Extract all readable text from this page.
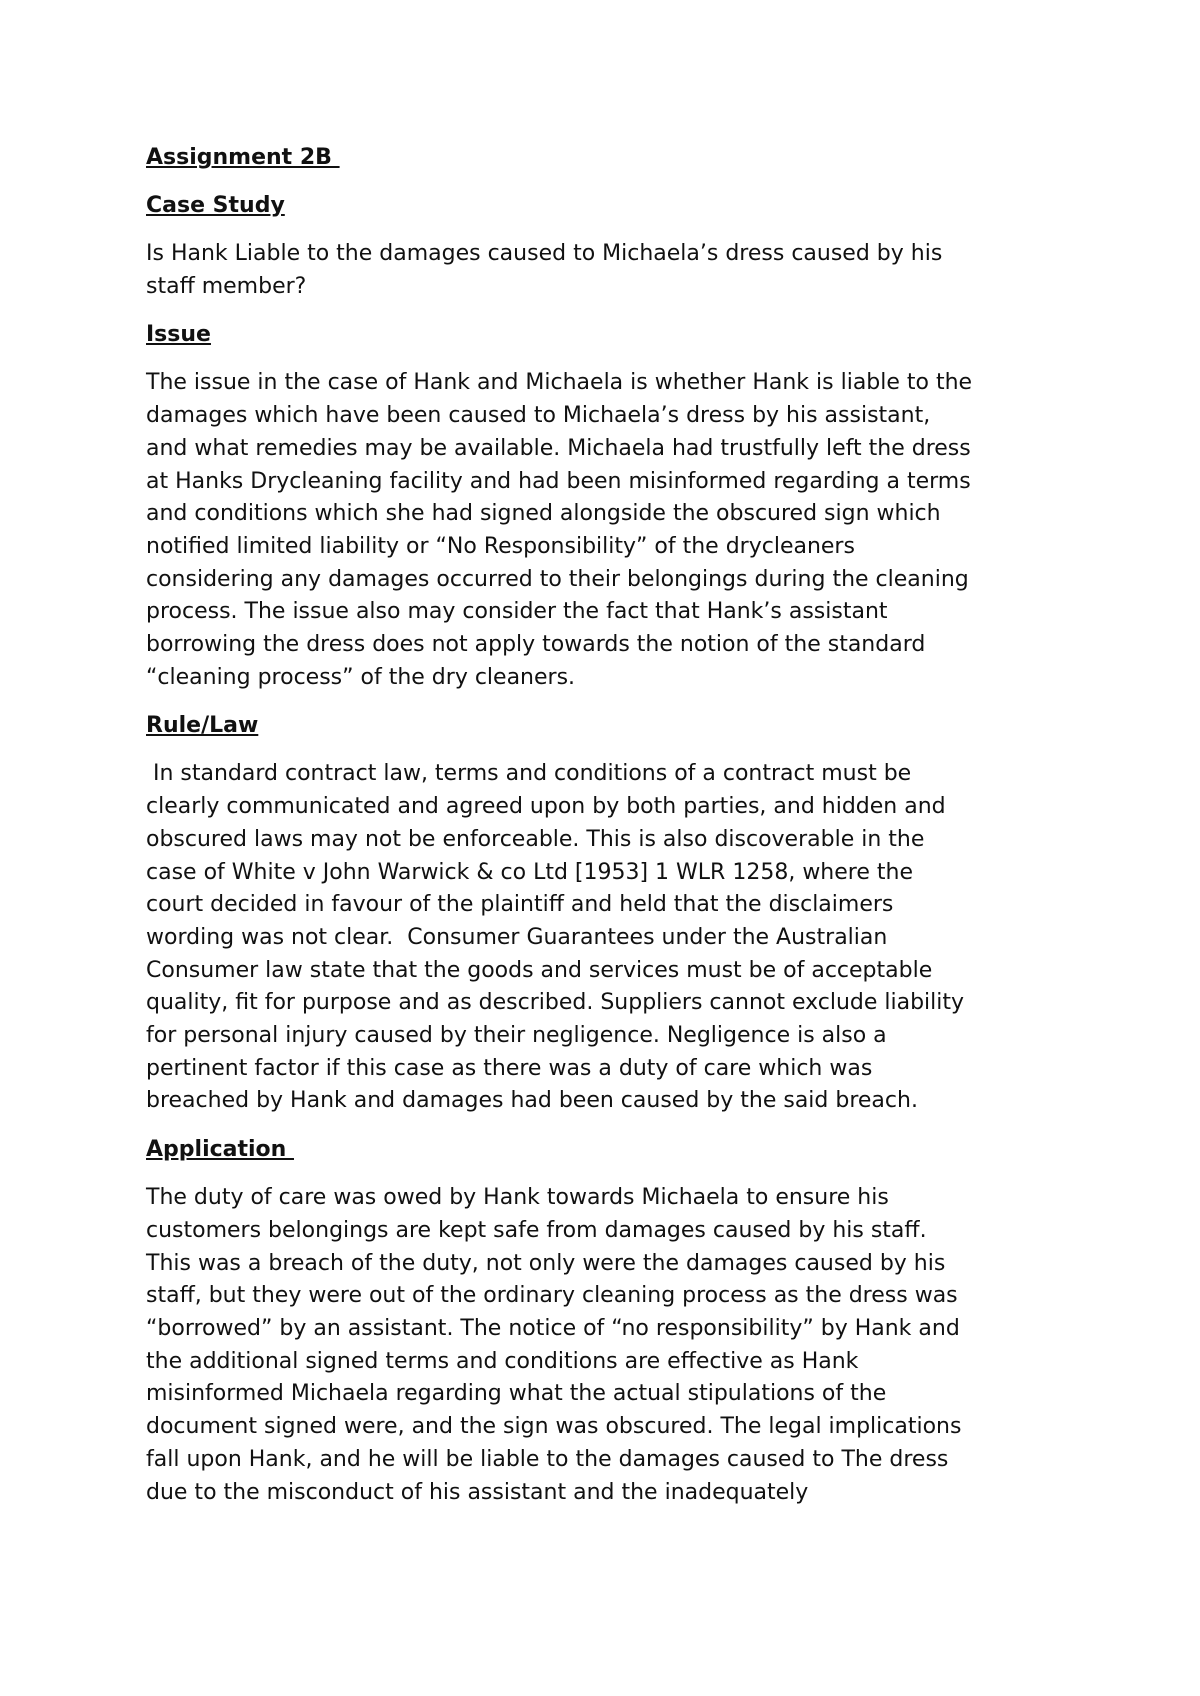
Assignment 2B
Case Study
Is Hank Liable to the damages caused to Michaela’s dress caused by his
staff member?
Issue
The issue in the case of Hank and Michaela is whether Hank is liable to the
damages which have been caused to Michaela’s dress by his assistant,
and what remedies may be available. Michaela had trustfully left the dress
at Hanks Drycleaning facility and had been misinformed regarding a terms
and conditions which she had signed alongside the obscured sign which
notified limited liability or “No Responsibility” of the drycleaners
considering any damages occurred to their belongings during the cleaning
process. The issue also may consider the fact that Hank’s assistant
borrowing the dress does not apply towards the notion of the standard
“cleaning process” of the dry cleaners.
Rule/Law
In standard contract law, terms and conditions of a contract must be
clearly communicated and agreed upon by both parties, and hidden and
obscured laws may not be enforceable. This is also discoverable in the
case of White v John Warwick & co Ltd [1953] 1 WLR 1258, where the
court decided in favour of the plaintiff and held that the disclaimers
wording was not clear.  Consumer Guarantees under the Australian
Consumer law state that the goods and services must be of acceptable
quality, fit for purpose and as described. Suppliers cannot exclude liability
for personal injury caused by their negligence. Negligence is also a
pertinent factor if this case as there was a duty of care which was
breached by Hank and damages had been caused by the said breach.
Application
The duty of care was owed by Hank towards Michaela to ensure his
customers belongings are kept safe from damages caused by his staff.
This was a breach of the duty, not only were the damages caused by his
staff, but they were out of the ordinary cleaning process as the dress was
“borrowed” by an assistant. The notice of “no responsibility” by Hank and
the additional signed terms and conditions are effective as Hank
misinformed Michaela regarding what the actual stipulations of the
document signed were, and the sign was obscured. The legal implications
fall upon Hank, and he will be liable to the damages caused to The dress
due to the misconduct of his assistant and the inadequately
